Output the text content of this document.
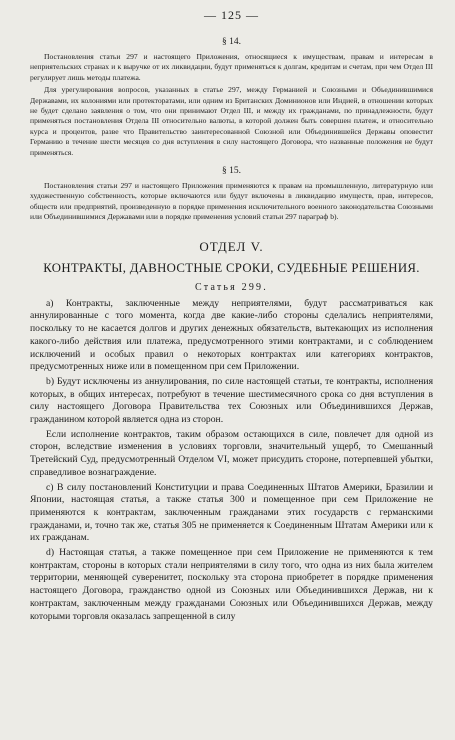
— 125 —
§ 14.

Постановления статьи 297 и настоящего Приложения, относящиеся к имуществам, правам и интересам в неприятельских странах и к выручке от их ликвидации, будут применяться к долгам, кредитам и счетам, при чем Отдел III регулирует лишь методы платежа.

Для урегулирования вопросов, указанных в статье 297, между Германией и Союзными и Объединившимися Державами, их колониями или протекторатами, или одним из Британских Доминионов или Индией, в отношении которых не будет сделано заявления о том, что они принимают Отдел III, и между их гражданами, по принадлежности, будут применяться постановления Отдела III относительно валюты, в которой должен быть совершен платеж, и относительно курса и процентов, разве что Правительство заинтересованной Союзной или Объединившейся Державы оповестит Германию в течение шести месяцев со дня вступления в силу настоящего Договора, что названные положения не будут применяться.

§ 15.

Постановления статьи 297 и настоящего Приложения применяются к правам на промышленную, литературную или художественную собственность, которые включаются или будут включены в ликвидацию имуществ, прав, интересов, обществ или предприятий, произведенную в порядке применения исключительного военного законодательства Союзными или Объединившимися Державами или в порядке применения условий статьи 297 параграф b).

ОТДЕЛ V.
КОНТРАКТЫ, ДАВНОСТНЫЕ СРОКИ, СУДЕБНЫЕ РЕШЕНИЯ.
Статья 299.

a) Контракты, заключенные между неприятелями, будут рассматриваться как аннулированные с того момента, когда две какие-либо стороны сделались неприятелями, поскольку то не касается долгов и других денежных обязательств, вытекающих из исполнения какого-либо действия или платежа, предусмотренного этими контрактами, и с соблюдением исключений и особых правил о некоторых контрактах или категориях контрактов, предусмотренных ниже или в помещенном при сем Приложении.

b) Будут исключены из аннулирования, по силе настоящей статьи, те контракты, исполнения которых, в общих интересах, потребуют в течение шестимесячного срока со дня вступления в силу настоящего Договора Правительства тех Союзных или Объединившихся Держав, гражданином которой является одна из сторон.

Если исполнение контрактов, таким образом остающихся в силе, повлечет для одной из сторон, вследствие изменения в условиях торговли, значительный ущерб, то Смешанный Третейский Суд, предусмотренный Отделом VI, может присудить стороне, потерпевшей убытки, справедливое вознаграждение.

c) В силу постановлений Конституции и права Соединенных Штатов Америки, Бразилии и Японии, настоящая статья, а также статья 300 и помещенное при сем Приложение не применяются к контрактам, заключенным гражданами этих государств с германскими гражданами, и, точно так же, статья 305 не применяется к Соединенным Штатам Америки или к их гражданам.

d) Настоящая статья, а также помещенное при сем Приложение не применяются к тем контрактам, стороны в которых стали неприятелями в силу того, что одна из них была жителем территории, меняющей суверенитет, поскольку эта сторона приобретет в порядке применения настоящего Договора, гражданство одной из Союзных или Объединившихся Держав, ни к контрактам, заключенным между гражданами Союзных или Объединившихся Держав, между которыми торговля оказалась запрещенной в силу
